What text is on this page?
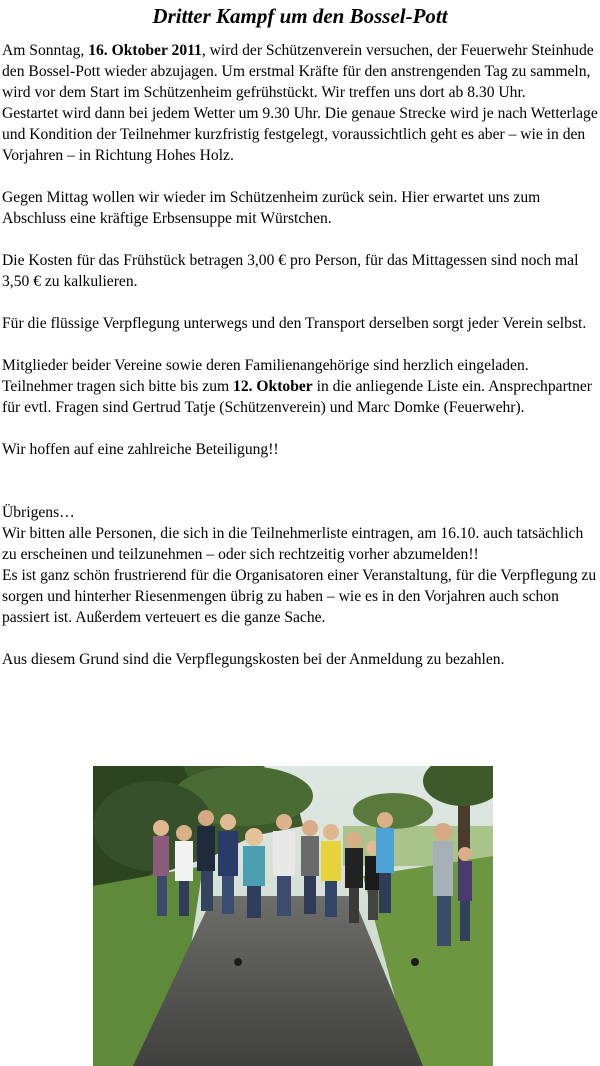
Dritter Kampf um den Bossel-Pott

Am Sonntag, 16. Oktober 2011, wird der Schützenverein versuchen, der Feuerwehr Steinhude den Bossel-Pott wieder abzujagen. Um erstmal Kräfte für den anstrengenden Tag zu sammeln, wird vor dem Start im Schützenheim gefrühstückt. Wir treffen uns dort ab 8.30 Uhr.

Gestartet wird dann bei jedem Wetter um 9.30 Uhr. Die genaue Strecke wird je nach Wetterlage und Kondition der Teilnehmer kurzfristig festgelegt, voraussichtlich geht es aber – wie in den Vorjahren – in Richtung Hohes Holz.

Gegen Mittag wollen wir wieder im Schützenheim zurück sein. Hier erwartet uns zum Abschluss eine kräftige Erbsensuppe mit Würstchen.

Die Kosten für das Frühstück betragen 3,00 € pro Person, für das Mittagessen sind noch mal 3,50 € zu kalkulieren.

Für die flüssige Verpflegung unterwegs und den Transport derselben sorgt jeder Verein selbst.

Mitglieder beider Vereine sowie deren Familienangehörige sind herzlich eingeladen. Teilnehmer tragen sich bitte bis zum 12. Oktober in die anliegende Liste ein. Ansprechpartner für evtl. Fragen sind Gertrud Tatje (Schützenverein) und Marc Domke (Feuerwehr).

Wir hoffen auf eine zahlreiche Beteiligung!!

Übrigens…

Wir bitten alle Personen, die sich in die Teilnehmerliste eintragen, am 16.10. auch tatsächlich zu erscheinen und teilzunehmen – oder sich rechtzeitig vorher abzumelden!!

Es ist ganz schön frustrierend für die Organisatoren einer Veranstaltung, für die Verpflegung zu sorgen und hinterher Riesenmengen übrig zu haben – wie es in den Vorjahren auch schon passiert ist. Außerdem verteuert es die ganze Sache.

Aus diesem Grund sind die Verpflegungskosten bei der Anmeldung zu bezahlen.
